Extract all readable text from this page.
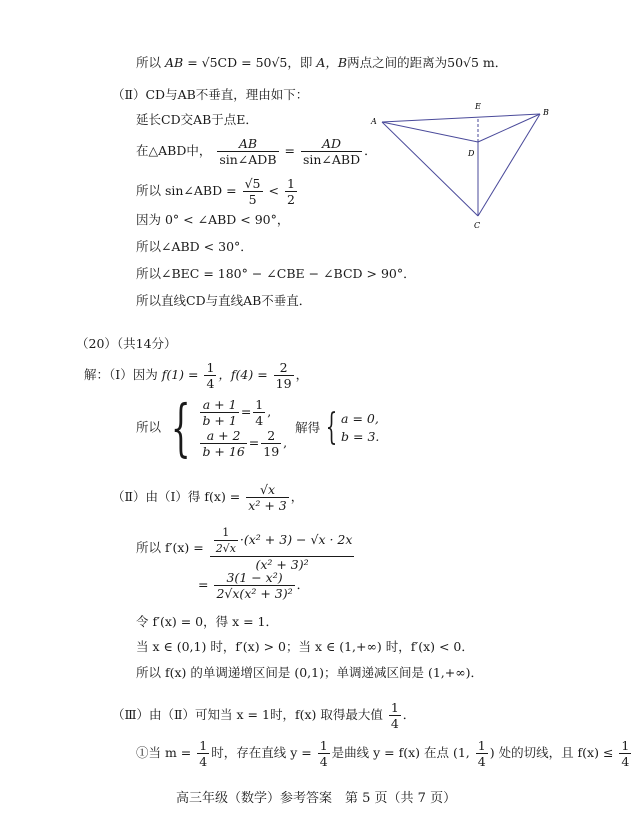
所以 AB = √5CD = 50√5，即 A，B两点之间的距离为50√5 m．
（Ⅱ）CD与AB不垂直，理由如下：
延长CD交AB于点E．
在△ABD中， $\frac{AB}{\text{sin∠ADB}} = \frac{AD}{\text{sin∠ABD}}$ ．
所以 sin∠ABD = $\frac{√5}{5} < \frac{1}{2}$
因为 0° < ∠ABD < 90°，
所以∠ABD < 30°．
所以∠BEC = 180° − ∠CBE − ∠BCD > 90°．
所以直线CD与直线AB不垂直．
A
B
C
D
E
（20）（共14分）
解：（Ⅰ）因为 $f(1) = \frac{1}{4}$ ，$f(4) = \frac{2}{19}$ ，
所以 { $\frac{a + 1}{b + 1} = \frac{1}{4}$ ,
$\frac{a + 2}{b + 16} = \frac{2}{19}$ ,
解得 { a = 0,
b = 3.
（Ⅱ）由（Ⅰ）得 $f(x) = \frac{√x}{\text{x² + 3}}$ ，
所以 $f'(x) = \frac{\frac{1}{2√x} \cdot(x^2 + 3) - √x \cdot 2x}{\text{(x² + 3)²}}$
= $\frac{\text{3(1 − x²)}}{\text{2√x(x² + 3)²}}$ ．
令 f′(x) = 0，得 x = 1．
当 x ∈ (0,1) 时，f′(x) > 0；当 x ∈ (1,+∞) 时，f′(x) < 0．
所以 f(x) 的单调递增区间是 (0,1)；单调递减区间是 (1,+∞)．
（Ⅲ）由（Ⅱ）可知当 x = 1时，f(x) 取得最大值 $\frac{1}{4}$ ．
①当 $m = \frac{1}{4}$ 时，存在直线 $y = \frac{1}{4}$ 是曲线 y = f(x) 在点 (1, $\frac{1}{4}$ ) 处的切线，且 $f(x) \le \frac{1}{4}$
高三年级（数学）参考答案　第 5 页（共 7 页）
